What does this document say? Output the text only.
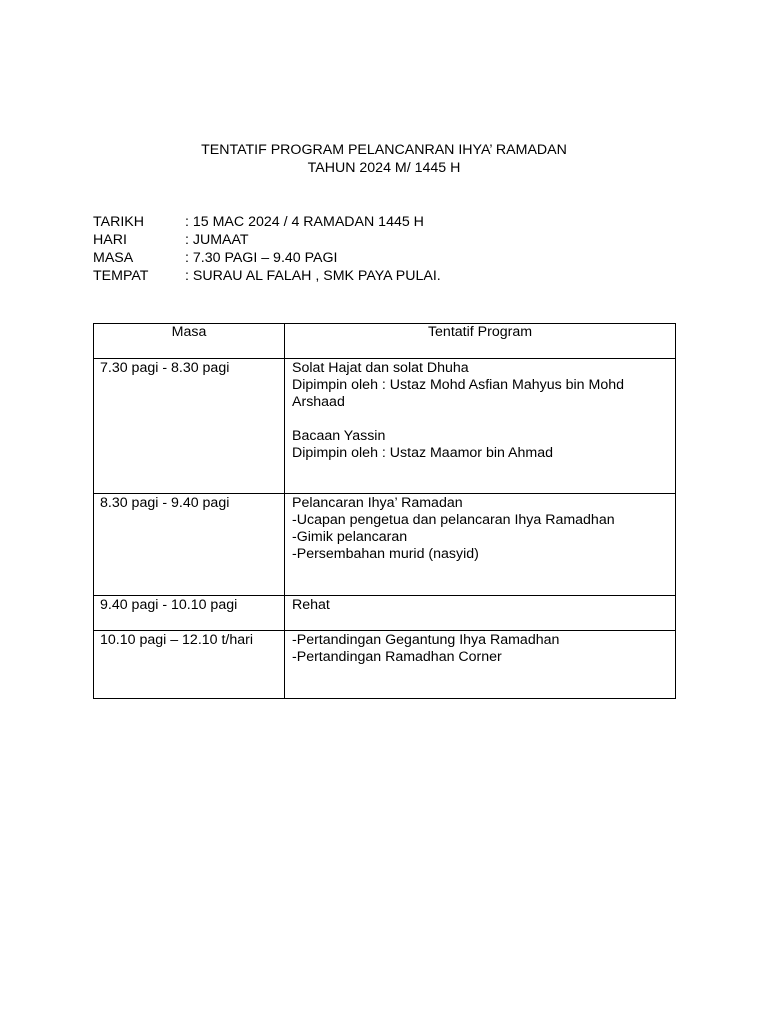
TENTATIF PROGRAM PELANCANRAN IHYA’ RAMADAN
TAHUN 2024 M/ 1445 H
TARIKH	: 15 MAC 2024 / 4 RAMADAN 1445 H
HARI	: JUMAAT
MASA	: 7.30 PAGI – 9.40 PAGI
TEMPAT	: SURAU AL FALAH , SMK PAYA PULAI.
Masa	Tentatif Program
7.30 pagi - 8.30 pagi	Solat Hajat dan solat Dhuha
Dipimpin oleh : Ustaz Mohd Asfian Mahyus bin Mohd Arshaad
Bacaan Yassin
Dipimpin oleh : Ustaz Maamor bin Ahmad

8.30 pagi - 9.40 pagi	Pelancaran Ihya’ Ramadan
-Ucapan pengetua dan pelancaran Ihya Ramadhan
-Gimik pelancaran
-Persembahan murid (nasyid)

9.40 pagi - 10.10 pagi	Rehat

10.10 pagi – 12.10 t/hari	-Pertandingan Gegantung Ihya Ramadhan
-Pertandingan Ramadhan Corner
